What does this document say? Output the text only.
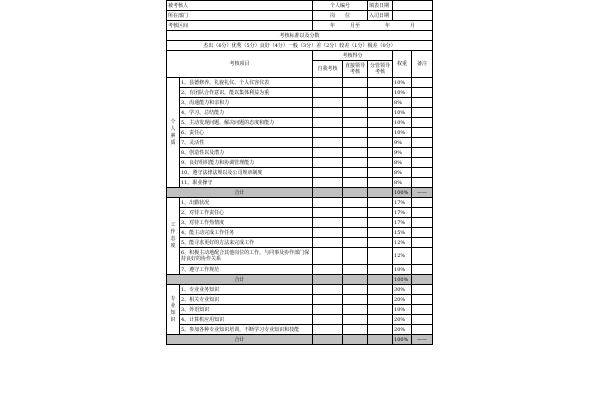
被考核人		个人编号		填表日期		
所在部门		岗　　位		入司日期		
考核区间		年　　　月至　　　　　年　　　　月				
考核标准以及分数						
杰出（6分）优秀（5分）良好（4分）一般（3分）差（2分）较差（1分）极差（0分）						
考核项目		考核得分			权重	备注
		自我考核	直接领导考核	分管领导考核		
个人素质	1、县德修养、礼貌礼仪、个人仪容仪表				10%	
	2、有团队合作意识，能以集体利益为重				10%	
	3、沟通能力和亲和力				8%	
	4、学习、总结能力				10%	
	5、主动发现问题、解决问题的态度和能力				10%	
	6、责任心				10%	
	7、灵活性				9%	
	8、创造性以及潜力				9%	
	9、良好组织能力和协调管理能力				8%	
	10、遵守法律法规以及公司规章制度				8%	
	11、职业操守				8%	
合计					100%	——
工作态度	1、出勤状况				17%	
	2、对待工作责任心				17%	
	3、对待工作热情度				17%	
	4、能主动完成工作任务				15%	
	5、能寻求更好的方法来完成工作				12%	
	6、积极主动地配合其他岗位的工作，与同事及协作部门保持良好的协作关系				12%	
	7、遵守工作规范				10%	
合计					100%	
专业知识	1、专业业务知识				30%	
	2、相关专业知识				20%	
	3、外语知识				10%	
	4、计算机应用知识				20%	
	5、参加各种专业知识培训，不断学习专业知识和技能				20%	
合计					100%	——
